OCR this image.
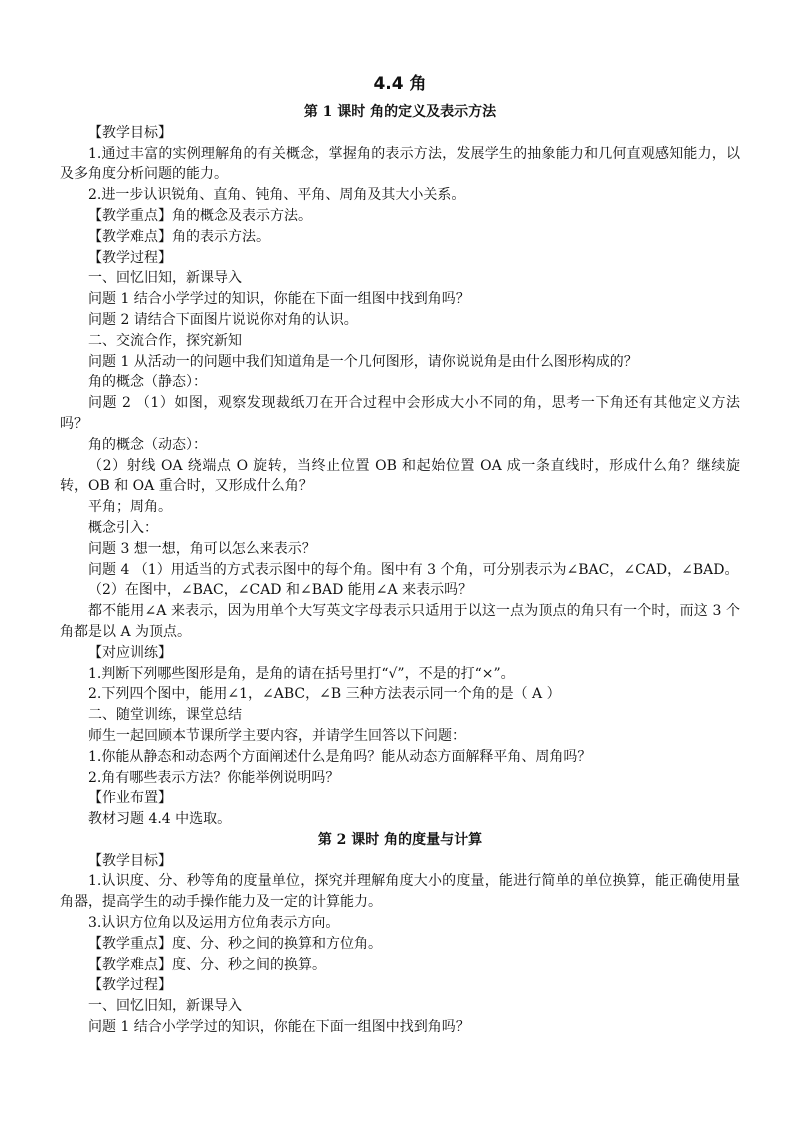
4.4 角
第 1 课时 角的定义及表示方法

【教学目标】

1.通过丰富的实例理解角的有关概念，掌握角的表示方法，发展学生的抽象能力和几何直观感知能力，以及多角度分析问题的能力。

2.进一步认识锐角、直角、钝角、平角、周角及其大小关系。

【教学重点】角的概念及表示方法。

【教学难点】角的表示方法。

【教学过程】

一、回忆旧知，新课导入

问题 1 结合小学学过的知识，你能在下面一组图中找到角吗？

问题 2 请结合下面图片说说你对角的认识。

二、交流合作，探究新知

问题 1 从活动一的问题中我们知道角是一个几何图形，请你说说角是由什么图形构成的？

角的概念（静态）：

问题 2 （1）如图，观察发现裁纸刀在开合过程中会形成大小不同的角，思考一下角还有其他定义方法吗？

角的概念（动态）：

（2）射线 OA 绕端点 O 旋转，当终止位置 OB 和起始位置 OA 成一条直线时，形成什么角？继续旋转，OB 和 OA 重合时，又形成什么角？

平角；周角。

概念引入：

问题 3 想一想，角可以怎么来表示？

问题 4 （1）用适当的方式表示图中的每个角。图中有 3 个角，可分别表示为∠BAC，∠CAD，∠BAD。

（2）在图中，∠BAC，∠CAD 和∠BAD 能用∠A 来表示吗？

都不能用∠A 来表示，因为用单个大写英文字母表示只适用于以这一点为顶点的角只有一个时，而这 3 个角都是以 A 为顶点。

【对应训练】

1.判断下列哪些图形是角，是角的请在括号里打“√”，不是的打“×”。

2.下列四个图中，能用∠1，∠ABC，∠B 三种方法表示同一个角的是（ A ）

二、随堂训练，课堂总结

师生一起回顾本节课所学主要内容，并请学生回答以下问题：

1.你能从静态和动态两个方面阐述什么是角吗？能从动态方面解释平角、周角吗？

2.角有哪些表示方法？你能举例说明吗？

【作业布置】

教材习题 4.4 中选取。

第 2 课时 角的度量与计算

【教学目标】

1.认识度、分、秒等角的度量单位，探究并理解角度大小的度量，能进行简单的单位换算，能正确使用量角器，提高学生的动手操作能力及一定的计算能力。

3.认识方位角以及运用方位角表示方向。

【教学重点】度、分、秒之间的换算和方位角。

【教学难点】度、分、秒之间的换算。

【教学过程】

一、回忆旧知，新课导入

问题 1 结合小学学过的知识，你能在下面一组图中找到角吗？
